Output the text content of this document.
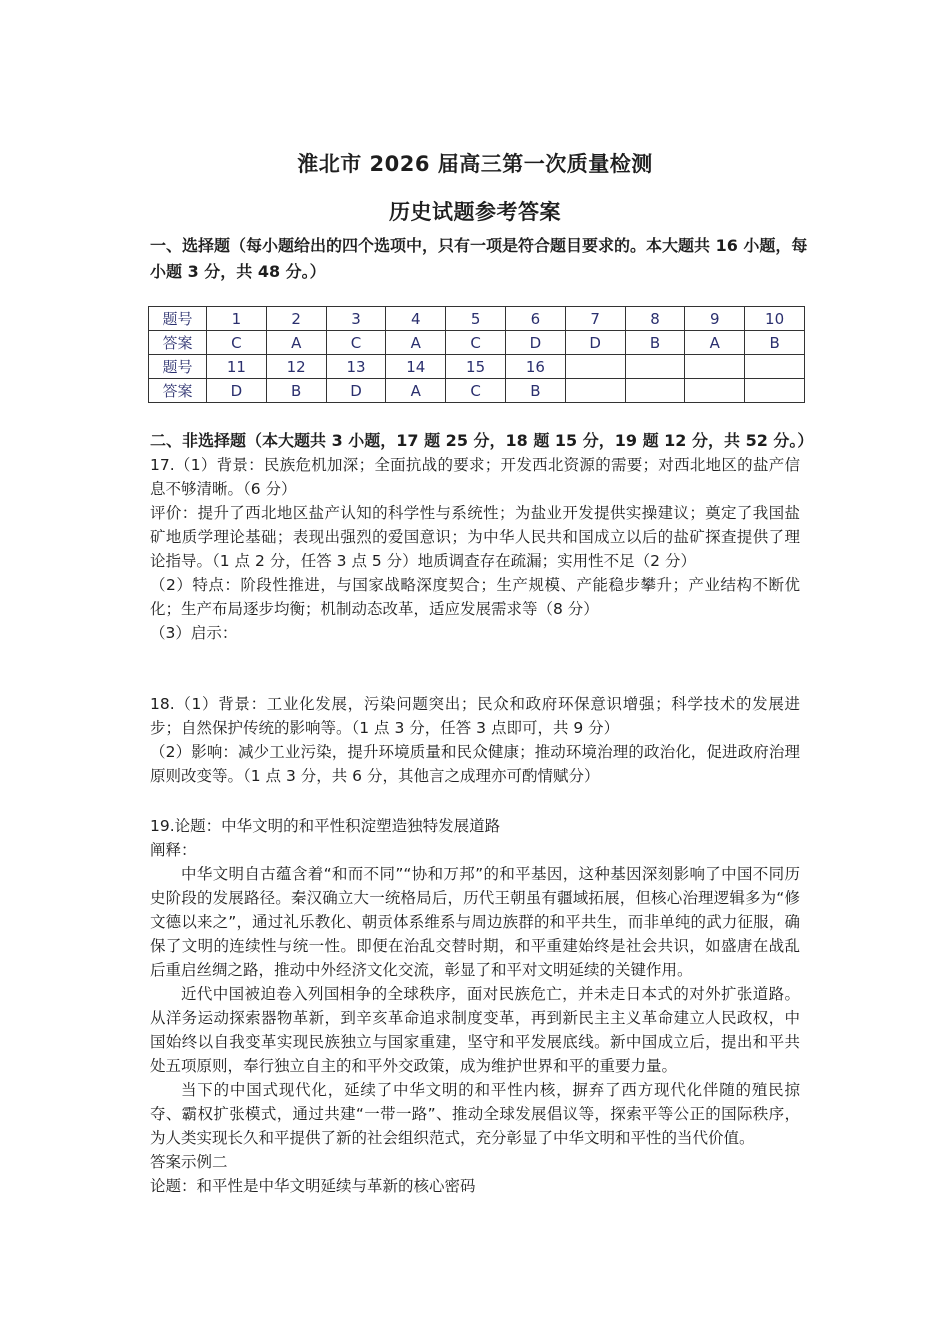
淮北市 2026 届高三第一次质量检测
历史试题参考答案
一、选择题（每小题给出的四个选项中，只有一项是符合题目要求的。本大题共 16 小题，每小题 3 分，共 48 分。）
题号	1	2	3	4	5	6	7	8	9	10
答案	C	A	C	A	C	D	D	B	A	B
题号	11	12	13	14	15	16				
答案	D	B	D	A	C	B				
二、非选择题（本大题共 3 小题，17 题 25 分，18 题 15 分，19 题 12 分，共 52 分。）

17.（1）背景：民族危机加深；全面抗战的要求；开发西北资源的需要；对西北地区的盐产信息不够清晰。（6 分）

评价：提升了西北地区盐产认知的科学性与系统性；为盐业开发提供实操建议；奠定了我国盐矿地质学理论基础；表现出强烈的爱国意识；为中华人民共和国成立以后的盐矿探查提供了理论指导。（1 点 2 分，任答 3 点 5 分）地质调查存在疏漏；实用性不足（2 分）

（2）特点：阶段性推进，与国家战略深度契合；生产规模、产能稳步攀升；产业结构不断优化；生产布局逐步均衡；机制动态改革，适应发展需求等（8 分）

（3）启示：

18.（1）背景：工业化发展，污染问题突出；民众和政府环保意识增强；科学技术的发展进步；自然保护传统的影响等。（1 点 3 分，任答 3 点即可，共 9 分）

（2）影响：减少工业污染，提升环境质量和民众健康；推动环境治理的政治化，促进政府治理原则改变等。（1 点 3 分，共 6 分，其他言之成理亦可酌情赋分）

19.论题：中华文明的和平性积淀塑造独特发展道路

阐释：

中华文明自古蕴含着“和而不同”“协和万邦”的和平基因，这种基因深刻影响了中国不同历史阶段的发展路径。秦汉确立大一统格局后，历代王朝虽有疆域拓展，但核心治理逻辑多为“修文德以来之”，通过礼乐教化、朝贡体系维系与周边族群的和平共生，而非单纯的武力征服，确保了文明的连续性与统一性。即便在治乱交替时期，和平重建始终是社会共识，如盛唐在战乱后重启丝绸之路，推动中外经济文化交流，彰显了和平对文明延续的关键作用。

近代中国被迫卷入列国相争的全球秩序，面对民族危亡，并未走日本式的对外扩张道路。从洋务运动探索器物革新，到辛亥革命追求制度变革，再到新民主主义革命建立人民政权，中国始终以自我变革实现民族独立与国家重建，坚守和平发展底线。新中国成立后，提出和平共处五项原则，奉行独立自主的和平外交政策，成为维护世界和平的重要力量。

当下的中国式现代化，延续了中华文明的和平性内核，摒弃了西方现代化伴随的殖民掠夺、霸权扩张模式，通过共建“一带一路”、推动全球发展倡议等，探索平等公正的国际秩序，为人类实现长久和平提供了新的社会组织范式，充分彰显了中华文明和平性的当代价值。

答案示例二

论题：和平性是中华文明延续与革新的核心密码
